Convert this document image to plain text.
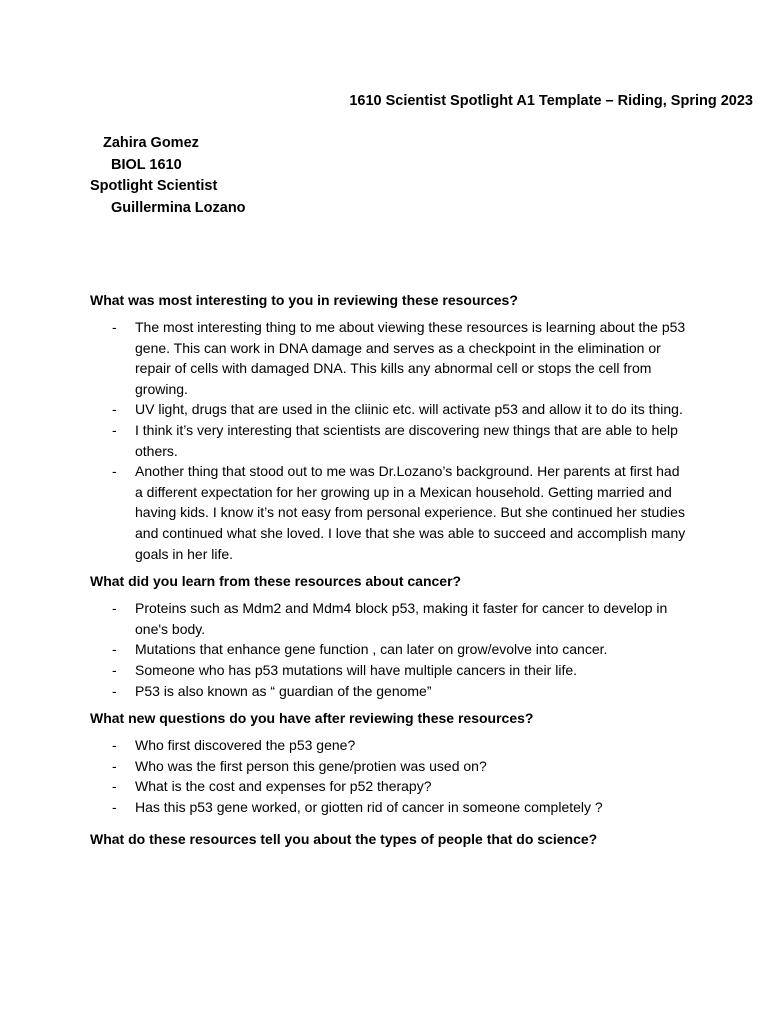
1610 Scientist Spotlight A1 Template – Riding, Spring 2023

Zahira Gomez
BIOL 1610
Spotlight Scientist
Guillermina Lozano

What was most interesting to you in reviewing these resources?

- The most interesting thing to me about viewing these resources is learning about the p53 gene. This can work in DNA damage and serves as a checkpoint in the elimination or repair of cells with damaged DNA. This kills any abnormal cell or stops the cell from growing.
- UV light, drugs that are used in the cliinic etc. will activate p53 and allow it to do its thing.
- I think it’s very interesting that scientists are discovering new things that are able to help others.
- Another thing that stood out to me was Dr.Lozano’s background. Her parents at first had a different expectation for her growing up in a Mexican household. Getting married and having kids. I know it’s not easy from personal experience. But she continued her studies and continued what she loved. I love that she was able to succeed and accomplish many goals in her life.

What did you learn from these resources about cancer?

- Proteins such as Mdm2 and Mdm4 block p53, making it faster for cancer to develop in one's body.
- Mutations that enhance gene function , can later on grow/evolve into cancer.
- Someone who has p53 mutations will have multiple cancers in their life.
- P53 is also known as “ guardian of the genome”

What new questions do you have after reviewing these resources?

- Who first discovered the p53 gene?
- Who was the first person this gene/protien was used on?
- What is the cost and expenses for p52 therapy?
- Has this p53 gene worked, or giotten rid of cancer in someone completely ?

What do these resources tell you about the types of people that do science?
